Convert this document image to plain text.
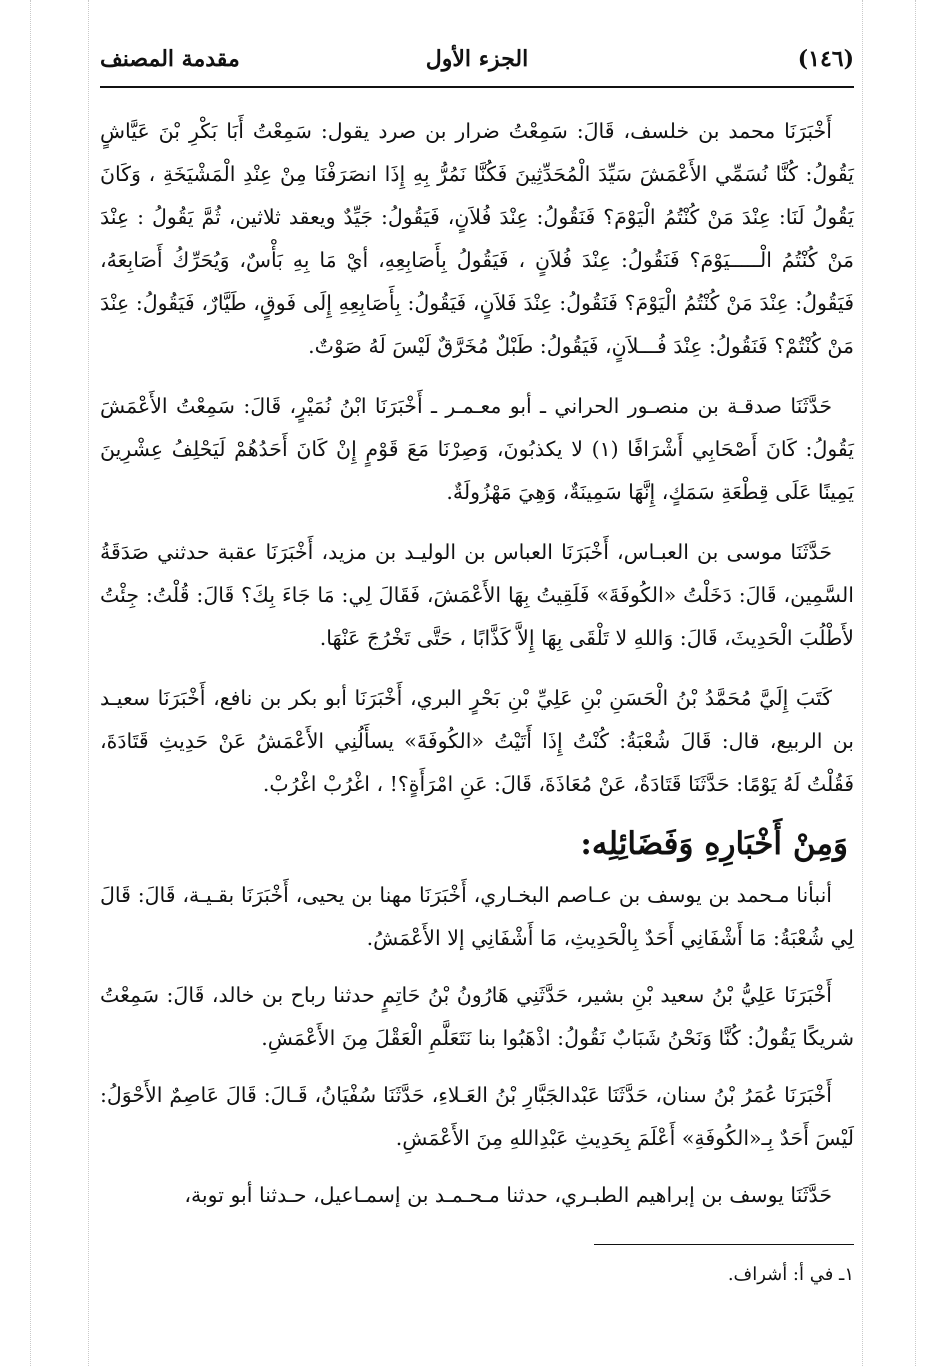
(١٤٦)
الجزء الأول
مقدمة المصنف

أَخْبَرَنَا محمد بن خلسف، قَالَ: سَمِعْتُ ضرار بن صرد يقول: سَمِعْتُ أَبَا بَكْرِ بْنَ عَيَّاشٍ يَقُولُ: كُنَّا نُسَمِّي الأَعْمَشَ سَيِّدَ الْمُحَدِّثِينَ فَكُنَّا نَمُرُّ بِهِ إِذَا انصَرَفْنَا مِنْ عِنْدِ الْمَشْيَخَةِ ، وَكَانَ يَقُولُ لَنَا: عِنْدَ مَنْ كُنْتُمُ الْيَوْمَ؟ فَنَقُولُ: عِنْدَ فُلاَنٍ، فَيَقُولُ: جَيِّدٌ ويعقد ثلاثين، ثُمَّ يَقُولُ : عِنْدَ مَنْ كُنْتُمُ الْـــــيَوْمَ؟ فَنَقُولُ: عِنْدَ فُلاَنٍ ، فَيَقُولُ بِأَصَابِعِهِ، أيْ مَا بِهِ بَأْسٌ، وَيُحَرِّكُ أَصَابِعَهُ، فَيَقُولُ: عِنْدَ مَنْ كُنْتُمُ الْيَوْمَ؟ فَنَقُولُ: عِنْدَ فَلاَنٍ، فَيَقُولُ: بِأَصَابِعِهِ إِلَى فَوقٍ، طَيَّارٌ، فَيَقُولُ: عِنْدَ مَنْ كُنْتُمْ؟ فَنَقُولُ: عِنْدَ فُـــلاَنٍ، فَيَقُولُ: طَبْلٌ مُخَرَّقٌ لَيْسَ لَهُ صَوْتٌ.

حَدَّثَنَا صدقـة بن منصـور الحراني ـ أبو معـمـر ـ أَخْبَرَنَا ابْنُ نُمَيْرٍ، قَالَ: سَمِعْتُ الأَعْمَشَ يَقُولُ: كَانَ أَصْحَابِي أَشْرَافًا (١) لا يكذبُونَ، وَصِرْنَا مَعَ قَوْمٍ إِنْ كَانَ أَحَدُهُمْ لَيَحْلِفُ عِشْرِينَ يَمِينًا عَلَى قِطْعَةِ سَمَكٍ، إِنَّهَا سَمِينَةٌ، وَهِيَ مَهْزُولَةٌ.

حَدَّثَنَا موسى بن العبـاس، أَخْبَرَنَا العباس بن الوليـد بن مزيد، أَخْبَرَنَا عقبة حدثني صَدَقَةُ السَّمِين، قَالَ: دَخَلْتُ «الكُوفَةَ» فَلَقِيتُ بِهَا الأَعْمَشَ، فَقَالَ لِي: مَا جَاءَ بِكَ؟ قَالَ: قُلْتُ: جِئْتُ لأَطْلُبَ الْحَدِيثَ، قَالَ: وَاللهِ لا تَلْقَى بِهَا إِلاَّ كَذَّابًا ، حَتَّى تَخْرُجَ عَنْهَا.

كَتَبَ إِلَيَّ مُحَمَّدُ بْنُ الْحَسَنِ بْنِ عَلِيِّ بْنِ بَحْرٍ البري، أَخْبَرَنَا أبو بكر بن نافع، أَخْبَرَنَا سعيـد بن الربيع، قال: قَالَ شُعْبَةُ: كُنْتُ إِذَا أَتَيْتُ «الكُوفَةَ» يسأَلُنِي الأَعْمَشُ عَنْ حَدِيثِ قَتَادَةَ، فَقُلْتُ لَهُ يَوْمًا: حَدَّثَنَا قَتَادَةُ، عَنْ مُعَاذَةَ، قَالَ: عَنِ امْرَأَةٍ؟! ، اغْرُبْ اغْرُبْ.

وَمِنْ أَخْبَارِهِ وَفَضَائِلِه:

أنبأنا مـحمد بن يوسف بن عـاصم البخـاري، أَخْبَرَنَا مهنا بن يحيى، أَخْبَرَنَا بقـيـة، قَالَ: قَالَ لِي شُعْبَةُ: مَا أَشْفَانِي أَحَدٌ بِالْحَدِيثِ، مَا أَشْفَانِي إلا الأَعْمَشُ.

أَخْبَرَنَا عَلِيُّ بْنُ سعيد بْنِ بشير، حَدَّثَنِي هَارُونُ بْنُ حَاتِمٍ حدثنا رباح بن خالد، قَالَ: سَمِعْتُ شريكًا يَقُولُ: كُنَّا وَنَحْنُ شَبَابٌ نَقُولُ: اذْهَبُوا بنا نَتَعَلَّمِ الْعَقْلَ مِنَ الأَعْمَشِ.

أَخْبَرَنَا عُمَرُ بْنُ سنان، حَدَّثَنَا عَبْدالجَبَّارِ بْنُ العَـلاءِ، حَدَّثَنَا سُفْيَانُ، قَـالَ: قَالَ عَاصِمٌ الأَحْوَلُ: لَيْسَ أَحَدٌ بِـ«الكُوفَةِ» أَعْلَمَ بِحَدِيثِ عَبْدِاللهِ مِنَ الأَعْمَشِ.

حَدَّثَنَا يوسف بن إبراهيم الطبـري، حدثنا مـحـمـد بن إسمـاعيل، حـدثنا أبو توبة،

١ـ في أ: أشراف.
